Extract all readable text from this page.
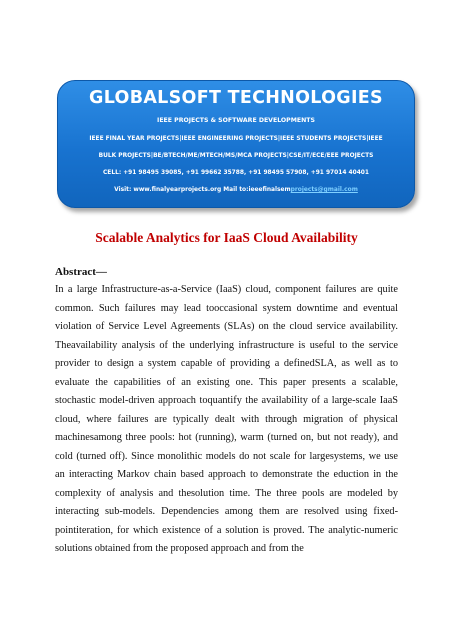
GLOBALSOFT TECHNOLOGIES
IEEE PROJECTS & SOFTWARE DEVELOPMENTS
IEEE FINAL YEAR PROJECTS|IEEE ENGINEERING PROJECTS|IEEE STUDENTS PROJECTS|IEEE
BULK PROJECTS|BE/BTECH/ME/MTECH/MS/MCA PROJECTS|CSE/IT/ECE/EEE PROJECTS
CELL: +91 98495 39085, +91 99662 35788, +91 98495 57908, +91 97014 40401
Visit: www.finalyearprojects.org Mail to:ieeefinalsemprojects@gmail.com
Scalable Analytics for IaaS Cloud Availability
Abstract—

In a large Infrastructure-as-a-Service (IaaS) cloud, component failures are quite common. Such failures may lead tooccasional system downtime and eventual violation of Service Level Agreements (SLAs) on the cloud service availability. Theavailability analysis of the underlying infrastructure is useful to the service provider to design a system capable of providing a definedSLA, as well as to evaluate the capabilities of an existing one. This paper presents a scalable, stochastic model-driven approach toquantify the availability of a large-scale IaaS cloud, where failures are typically dealt with through migration of physical machinesamong three pools: hot (running), warm (turned on, but not ready), and cold (turned off). Since monolithic models do not scale for largesystems, we use an interacting Markov chain based approach to demonstrate the eduction in the complexity of analysis and thesolution time. The three pools are modeled by interacting sub-models. Dependencies among them are resolved using fixed-pointiteration, for which existence of a solution is proved. The analytic-numeric solutions obtained from the proposed approach and from the
